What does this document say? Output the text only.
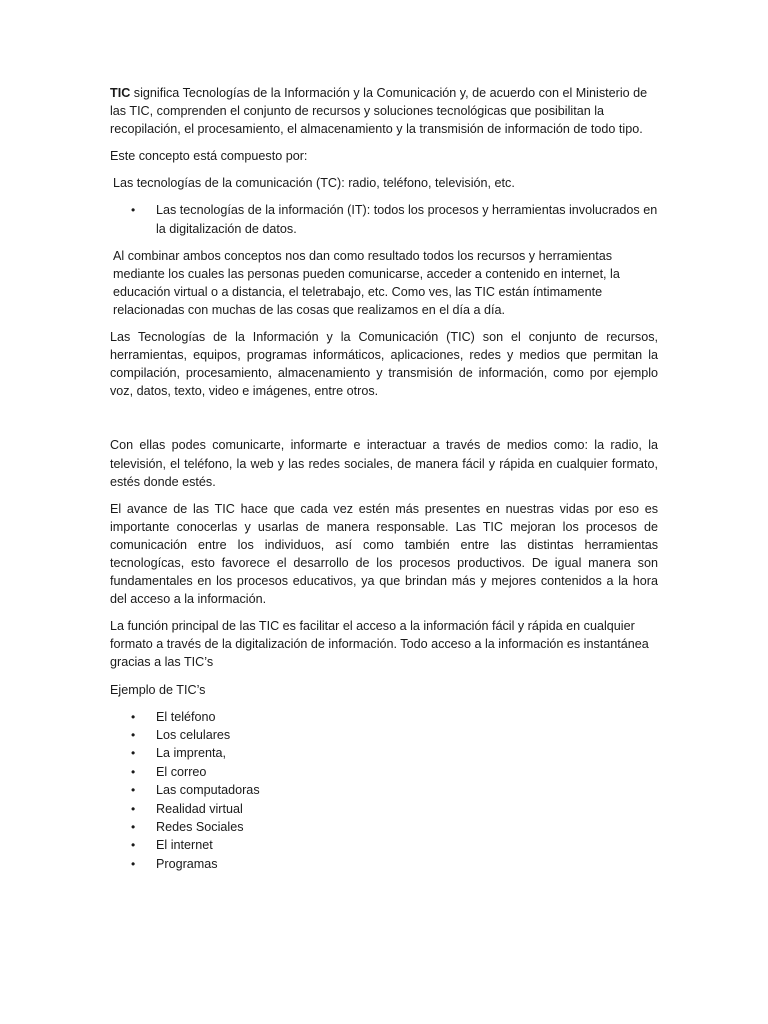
TIC significa Tecnologías de la Información y la Comunicación y, de acuerdo con el Ministerio de las TIC, comprenden el conjunto de recursos y soluciones tecnológicas que posibilitan la recopilación, el procesamiento, el almacenamiento y la transmisión de información de todo tipo.

Este concepto está compuesto por:

Las tecnologías de la comunicación (TC): radio, teléfono, televisión, etc.

• Las tecnologías de la información (IT): todos los procesos y herramientas involucrados en la digitalización de datos.

Al combinar ambos conceptos nos dan como resultado todos los recursos y herramientas mediante los cuales las personas pueden comunicarse, acceder a contenido en internet, la educación virtual o a distancia, el teletrabajo, etc. Como ves, las TIC están íntimamente relacionadas con muchas de las cosas que realizamos en el día a día.

Las Tecnologías de la Información y la Comunicación (TIC) son el conjunto de recursos, herramientas, equipos, programas informáticos, aplicaciones, redes y medios que permitan la compilación, procesamiento, almacenamiento y transmisión de información, como por ejemplo voz, datos, texto, video e imágenes, entre otros.

Con ellas podes comunicarte, informarte e interactuar a través de medios como: la radio, la televisión, el teléfono, la web y las redes sociales, de manera fácil y rápida en cualquier formato, estés donde estés.

El avance de las TIC hace que cada vez estén más presentes en nuestras vidas por eso es importante conocerlas y usarlas de manera responsable. Las TIC mejoran los procesos de comunicación entre los individuos, así como también entre las distintas herramientas tecnologícas, esto favorece el desarrollo de los procesos productivos. De igual manera son fundamentales en los procesos educativos, ya que brindan más y mejores contenidos a la hora del acceso a la información.

La función principal de las TIC es facilitar el acceso a la información fácil y rápida en cualquier formato a través de la digitalización de información. Todo acceso a la información es instantánea gracias a las TIC’s

Ejemplo de TIC’s

• El teléfono
• Los celulares
• La imprenta,
• El correo
• Las computadoras
• Realidad virtual
• Redes Sociales
• El internet
• Programas
